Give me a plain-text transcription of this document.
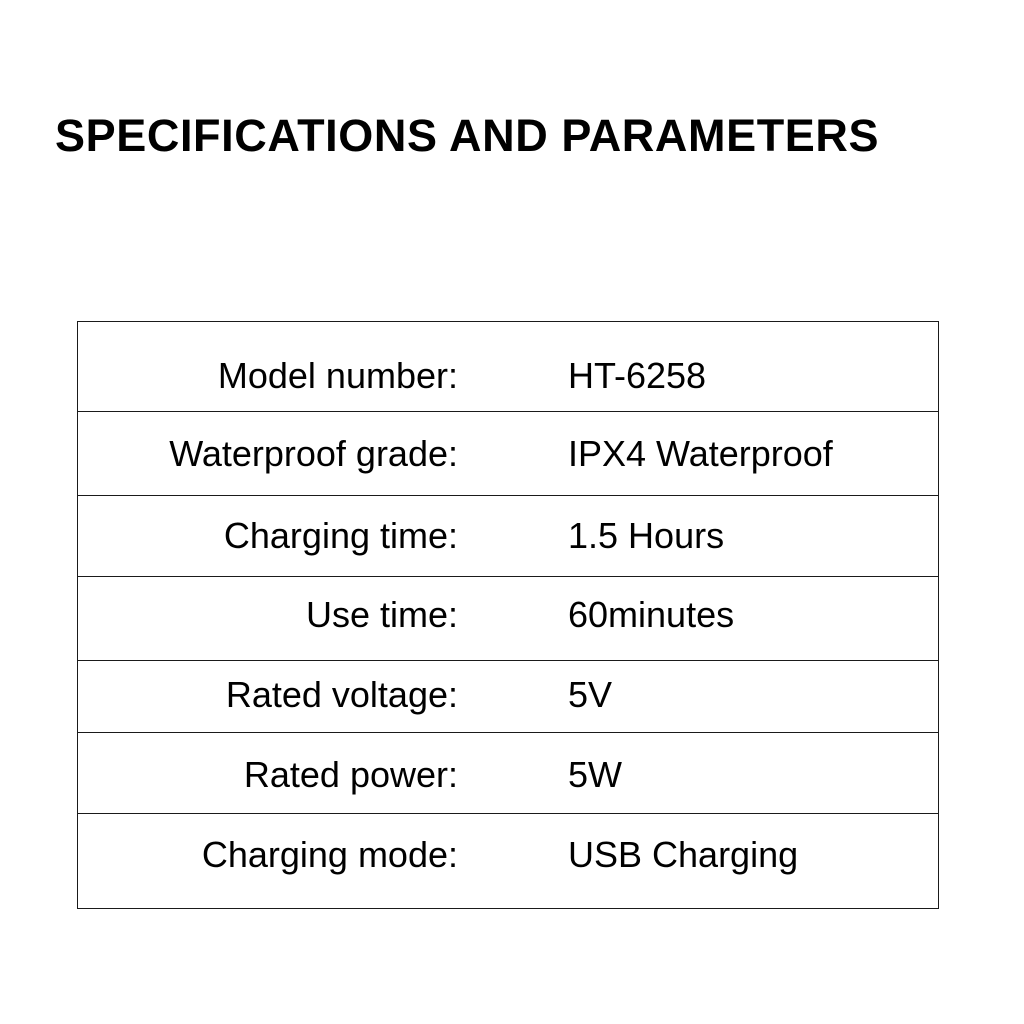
SPECIFICATIONS AND PARAMETERS
Model number:	HT-6258
Waterproof grade:	IPX4 Waterproof
Charging time:	1.5 Hours
Use time:	60minutes
Rated voltage:	5V
Rated power:	5W
Charging mode:	USB Charging
